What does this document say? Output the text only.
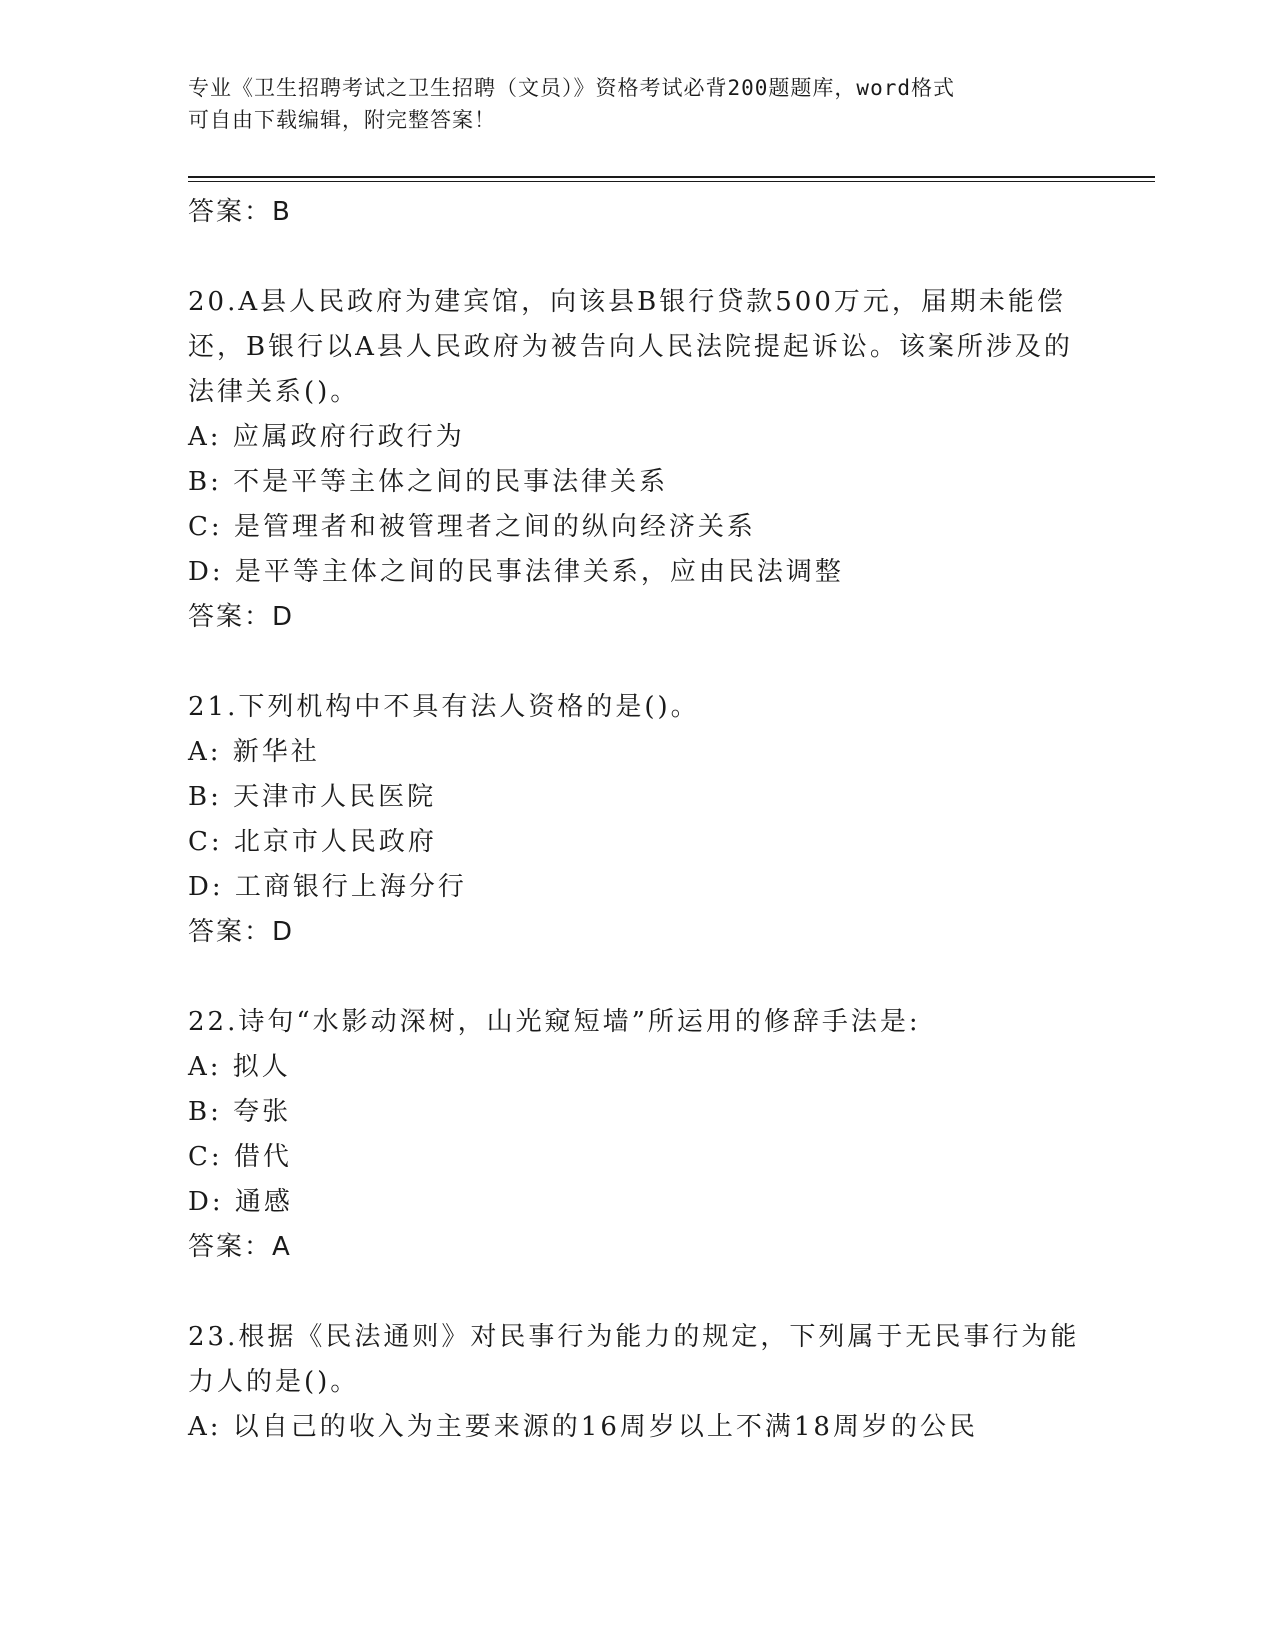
专业《卫生招聘考试之卫生招聘（文员）》资格考试必背200题题库，word格式
可自由下载编辑，附完整答案！
答案：B
20.A县人民政府为建宾馆，向该县B银行贷款500万元，届期未能偿
还，B银行以A县人民政府为被告向人民法院提起诉讼。该案所涉及的
法律关系()。
A: 应属政府行政行为
B: 不是平等主体之间的民事法律关系
C: 是管理者和被管理者之间的纵向经济关系
D: 是平等主体之间的民事法律关系，应由民法调整
答案：D
21.下列机构中不具有法人资格的是()。
A: 新华社
B: 天津市人民医院
C: 北京市人民政府
D: 工商银行上海分行
答案：D
22.诗句“水影动深树，山光窥短墙”所运用的修辞手法是:
A: 拟人
B: 夸张
C: 借代
D: 通感
答案：A
23.根据《民法通则》对民事行为能力的规定，下列属于无民事行为能
力人的是()。
A: 以自己的收入为主要来源的16周岁以上不满18周岁的公民
